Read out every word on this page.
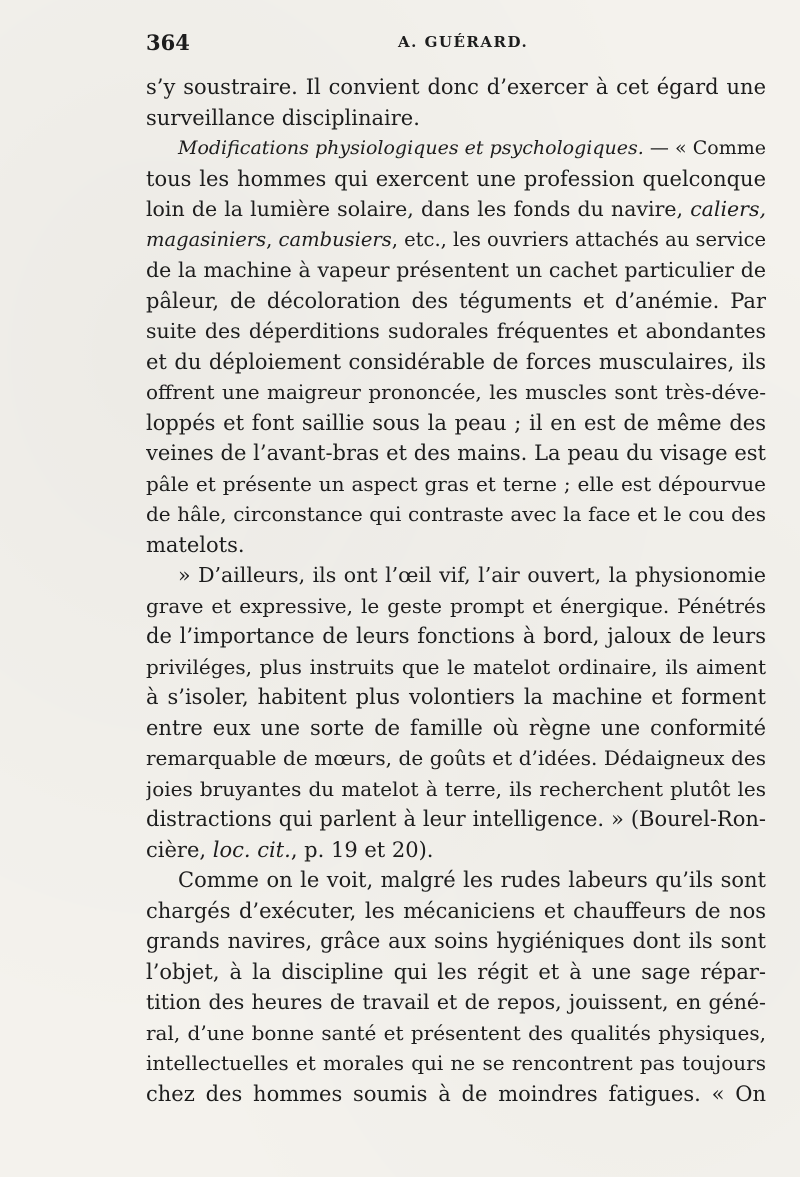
364	A. GUÉRARD.
s’y soustraire. Il convient donc d’exercer à cet égard une
surveillance disciplinaire.
Modifications physiologiques et psychologiques. — « Comme
tous les hommes qui exercent une profession quelconque
loin de la lumière solaire, dans les fonds du navire, caliers,
magasiniers, cambusiers, etc., les ouvriers attachés au service
de la machine à vapeur présentent un cachet particulier de
pâleur, de décoloration des téguments et d’anémie. Par
suite des déperditions sudorales fréquentes et abondantes
et du déploiement considérable de forces musculaires, ils
offrent une maigreur prononcée, les muscles sont très-déve-
loppés et font saillie sous la peau ; il en est de même des
veines de l’avant-bras et des mains. La peau du visage est
pâle et présente un aspect gras et terne ; elle est dépourvue
de hâle, circonstance qui contraste avec la face et le cou des
matelots.
» D’ailleurs, ils ont l’œil vif, l’air ouvert, la physionomie
grave et expressive, le geste prompt et énergique. Pénétrés
de l’importance de leurs fonctions à bord, jaloux de leurs
priviléges, plus instruits que le matelot ordinaire, ils aiment
à s’isoler, habitent plus volontiers la machine et forment
entre eux une sorte de famille où règne une conformité
remarquable de mœurs, de goûts et d’idées. Dédaigneux des
joies bruyantes du matelot à terre, ils recherchent plutôt les
distractions qui parlent à leur intelligence. » (Bourel-Ron-
cière, loc. cit., p. 19 et 20).
Comme on le voit, malgré les rudes labeurs qu’ils sont
chargés d’exécuter, les mécaniciens et chauffeurs de nos
grands navires, grâce aux soins hygiéniques dont ils sont
l’objet, à la discipline qui les régit et à une sage répar-
tition des heures de travail et de repos, jouissent, en géné-
ral, d’une bonne santé et présentent des qualités physiques,
intellectuelles et morales qui ne se rencontrent pas toujours
chez des hommes soumis à de moindres fatigues. « On
